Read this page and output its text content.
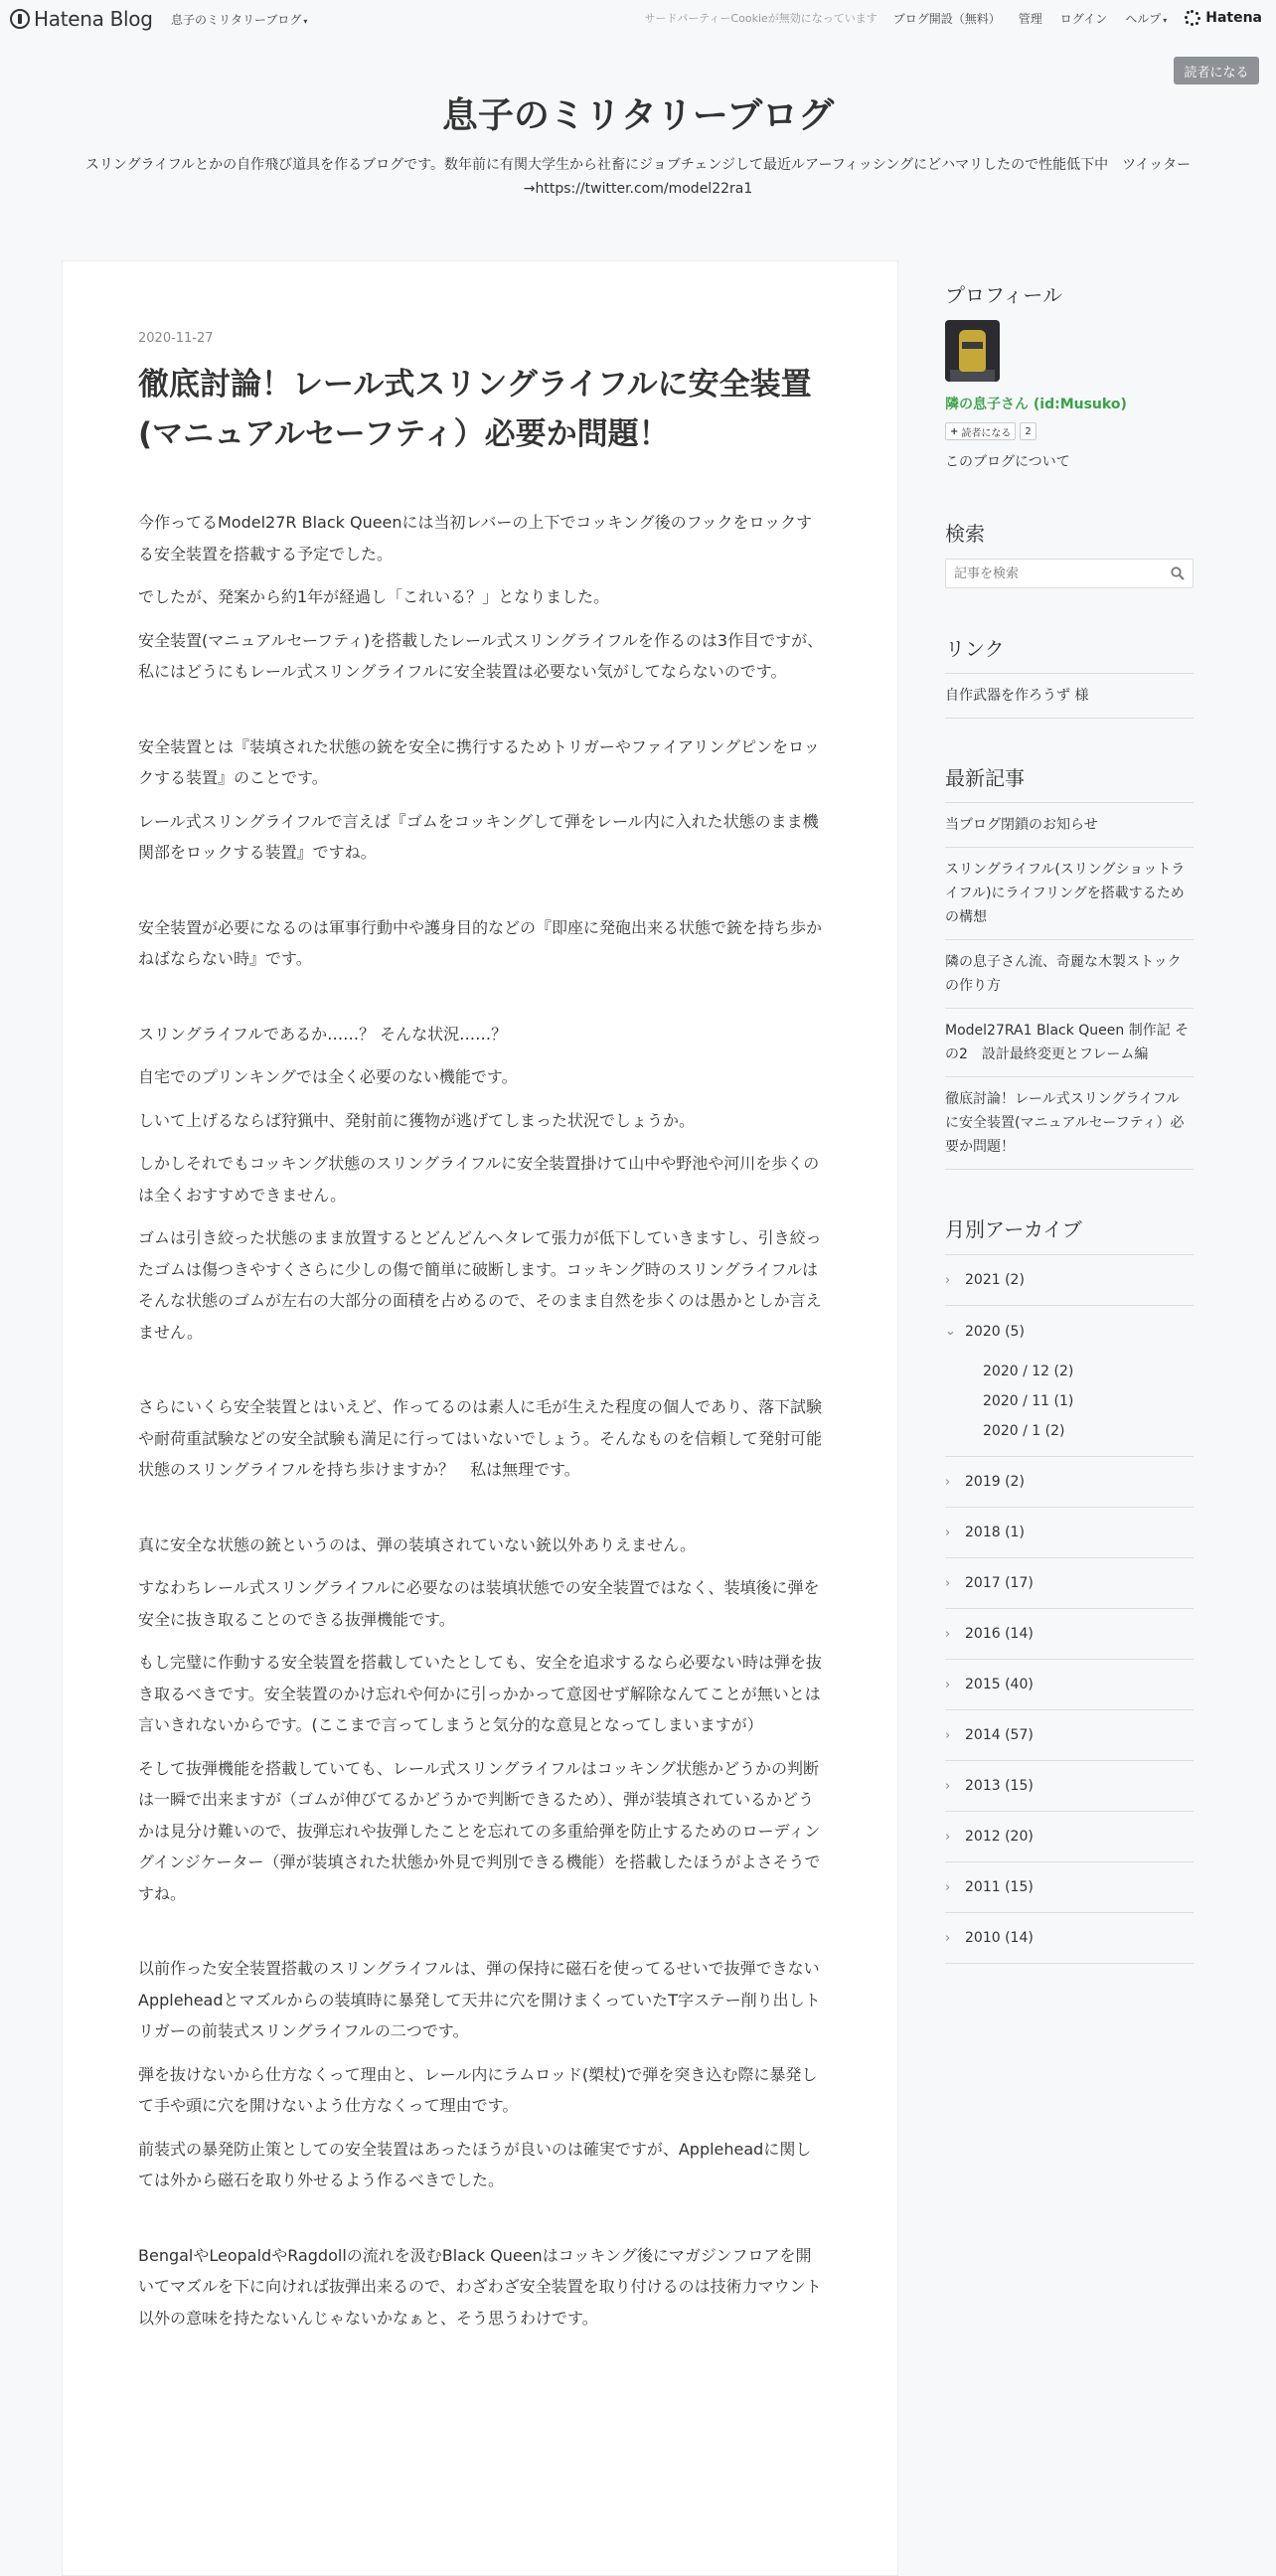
Hatena Blog 息子のミリタリーブログ ▾	サードパーティーCookieが無効になっています ブログ開設（無料） 管理 ログイン ヘルプ ▾	Hatena
読者になる
息子のミリタリーブログ
スリングライフルとかの自作飛び道具を作るブログです。数年前に有関大学生から社畜にジョブチェンジして最近ルアーフィッシングにどハマリしたので性能低下中　ツイッター→https://twitter.com/model22ra1
2020-11-27
徹底討論！レール式スリングライフルに安全装置(マニュアルセーフティ）必要か問題！

今作ってるModel27R Black Queenには当初レバーの上下でコッキング後のフックをロックする安全装置を搭載する予定でした。

でしたが、発案から約1年が経過し「これいる？」となりました。

安全装置(マニュアルセーフティ)を搭載したレール式スリングライフルを作るのは3作目ですが、私にはどうにもレール式スリングライフルに安全装置は必要ない気がしてならないのです。

安全装置とは『装填された状態の銃を安全に携行するためトリガーやファイアリングピンをロックする装置』のことです。

レール式スリングライフルで言えば『ゴムをコッキングして弾をレール内に入れた状態のまま機関部をロックする装置』ですね。

安全装置が必要になるのは軍事行動中や護身目的などの『即座に発砲出来る状態で銃を持ち歩かねばならない時』です。

スリングライフルであるか……？ そんな状況……？

自宅でのプリンキングでは全く必要のない機能です。

しいて上げるならば狩猟中、発射前に獲物が逃げてしまった状況でしょうか。

しかしそれでもコッキング状態のスリングライフルに安全装置掛けて山中や野池や河川を歩くのは全くおすすめできません。

ゴムは引き絞った状態のまま放置するとどんどんヘタレて張力が低下していきますし、引き絞ったゴムは傷つきやすくさらに少しの傷で簡単に破断します。コッキング時のスリングライフルはそんな状態のゴムが左右の大部分の面積を占めるので、そのまま自然を歩くのは愚かとしか言えません。

さらにいくら安全装置とはいえど、作ってるのは素人に毛が生えた程度の個人であり、落下試験や耐荷重試験などの安全試験も満足に行ってはいないでしょう。そんなものを信頼して発射可能状態のスリングライフルを持ち歩けますか？　私は無理です。

真に安全な状態の銃というのは、弾の装填されていない銃以外ありえません。

すなわちレール式スリングライフルに必要なのは装填状態での安全装置ではなく、装填後に弾を安全に抜き取ることのできる抜弾機能です。

もし完璧に作動する安全装置を搭載していたとしても、安全を追求するなら必要ない時は弾を抜き取るべきです。安全装置のかけ忘れや何かに引っかかって意図せず解除なんてことが無いとは言いきれないからです。(ここまで言ってしまうと気分的な意見となってしまいますが）

そして抜弾機能を搭載していても、レール式スリングライフルはコッキング状態かどうかの判断は一瞬で出来ますが（ゴムが伸びてるかどうかで判断できるため）、弾が装填されているかどうかは見分け難いので、抜弾忘れや抜弾したことを忘れての多重給弾を防止するためのローディングインジケーター（弾が装填された状態か外見で判別できる機能）を搭載したほうがよさそうですね。

以前作った安全装置搭載のスリングライフルは、弾の保持に磁石を使ってるせいで抜弾できないAppleheadとマズルからの装填時に暴発して天井に穴を開けまくっていたT字ステー削り出しトリガーの前装式スリングライフルの二つです。

弾を抜けないから仕方なくって理由と、レール内にラムロッド(槊杖)で弾を突き込む際に暴発して手や頭に穴を開けないよう仕方なくって理由です。

前装式の暴発防止策としての安全装置はあったほうが良いのは確実ですが、Appleheadに関しては外から磁石を取り外せるよう作るべきでした。

BengalやLeopaldやRagdollの流れを汲むBlack Queenはコッキング後にマガジンフロアを開いてマズルを下に向ければ抜弾出来るので、わざわざ安全装置を取り付けるのは技術力マウント以外の意味を持たないんじゃないかなぁと、そう思うわけです。

プロフィール
隣の息子さん (id:Musuko)
+ 読者になる	2
このブログについて
検索
記事を検索
リンク
自作武器を作ろうず 様
最新記事
当ブログ閉鎖のお知らせ
スリングライフル(スリングショットライフル)にライフリングを搭載するための構想
隣の息子さん流、奇麗な木製ストックの作り方
Model27RA1 Black Queen 制作記 その2　設計最終変更とフレーム編
徹底討論！レール式スリングライフルに安全装置(マニュアルセーフティ）必要か問題！
月別アーカイブ
›	2021 (2)
⌄ 2020 (5)
2020 / 12 (2)
2020 / 11 (1)
2020 / 1 (2)
›	2019 (2)
›	2018 (1)
›	2017 (17)
›	2016 (14)
›	2015 (40)
›	2014 (57)
›	2013 (15)
›	2012 (20)
›	2011 (15)
›	2010 (14)
